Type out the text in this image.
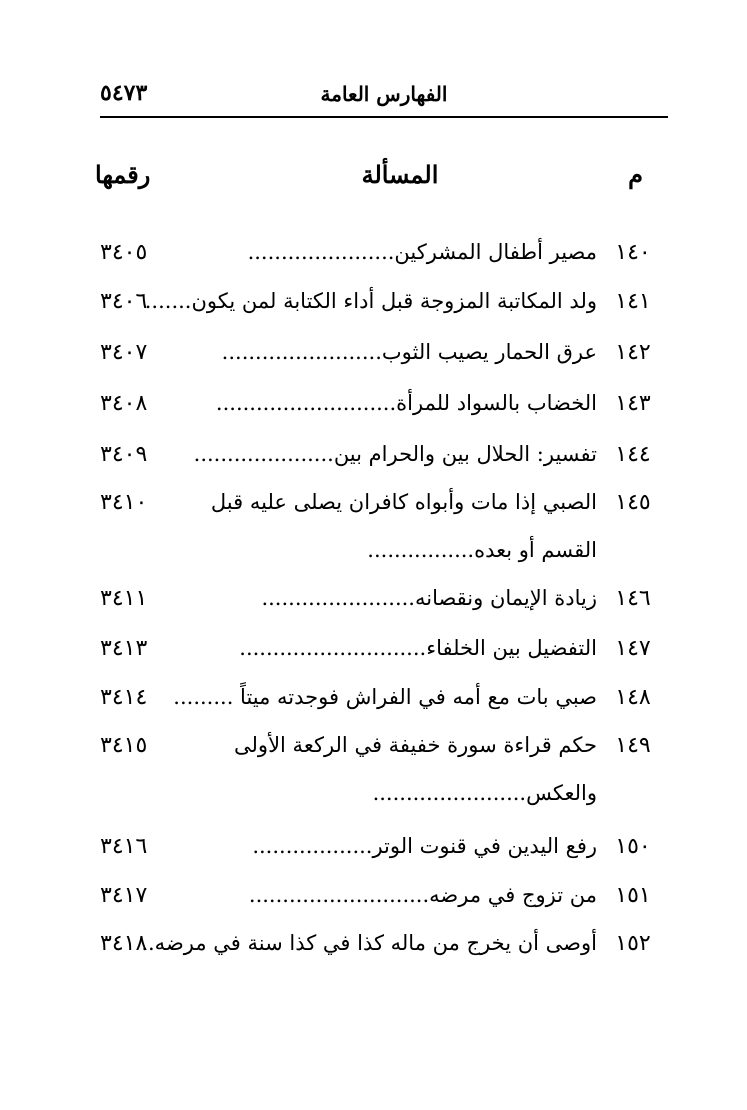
٥٤٧٣	الفهارس العامة
م
المسألة
رقمها
١٤٠
مصير أطفال المشركين......................
٣٤٠٥
١٤١
ولد المكاتبة المزوجة قبل أداء الكتابة لمن يكون.......
٣٤٠٦
١٤٢
عرق الحمار يصيب الثوب........................
٣٤٠٧
١٤٣
الخضاب بالسواد للمرأة...........................
٣٤٠٨
١٤٤
تفسير: الحلال بين والحرام بين.....................
٣٤٠٩
١٤٥
الصبي إذا مات وأبواه كافران يصلى عليه قبل
القسم أو بعده................
٣٤١٠
١٤٦
زيادة الإيمان ونقصانه.......................
٣٤١١
١٤٧
التفضيل بين الخلفاء............................
٣٤١٣
١٤٨
صبي بات مع أمه في الفراش فوجدته ميتاً .........
٣٤١٤
١٤٩
حكم قراءة سورة خفيفة في الركعة الأولى
والعكس.......................
٣٤١٥
١٥٠
رفع اليدين في قنوت الوتر..................
٣٤١٦
١٥١
من تزوج في مرضه...........................
٣٤١٧
١٥٢
أوصى أن يخرج من ماله كذا في كذا سنة في مرضه..
٣٤١٨
